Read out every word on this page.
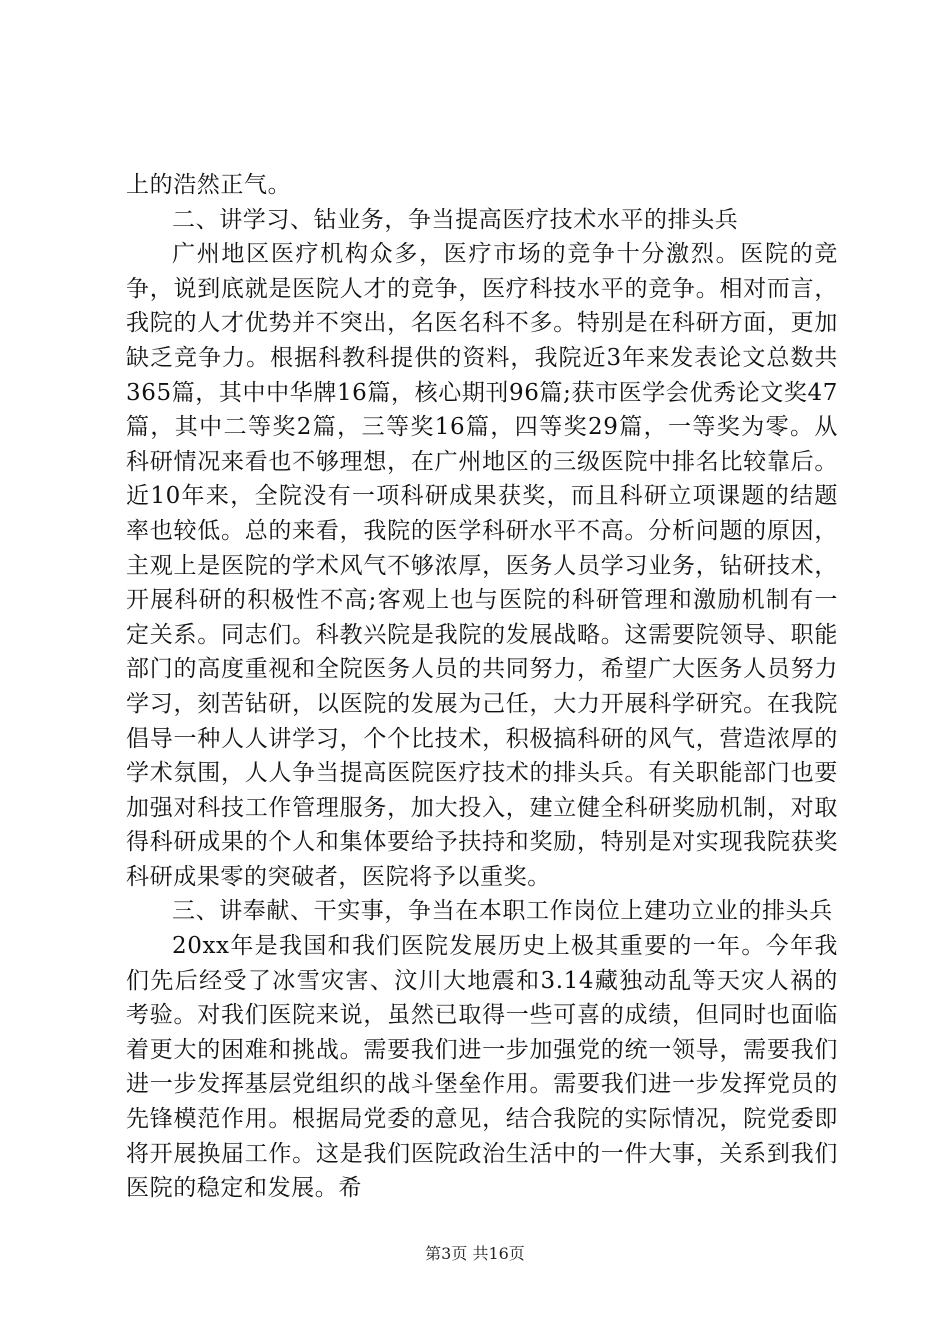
上的浩然正气。

二、讲学习、钻业务，争当提高医疗技术水平的排头兵

广州地区医疗机构众多，医疗市场的竞争十分激烈。医院的竞争，说到底就是医院人才的竞争，医疗科技水平的竞争。相对而言，我院的人才优势并不突出，名医名科不多。特别是在科研方面，更加缺乏竞争力。根据科教科提供的资料，我院近3年来发表论文总数共365篇，其中中华牌16篇，核心期刊96篇;获市医学会优秀论文奖47篇，其中二等奖2篇，三等奖16篇，四等奖29篇，一等奖为零。从科研情况来看也不够理想，在广州地区的三级医院中排名比较靠后。近10年来，全院没有一项科研成果获奖，而且科研立项课题的结题率也较低。总的来看，我院的医学科研水平不高。分析问题的原因，主观上是医院的学术风气不够浓厚，医务人员学习业务，钻研技术，开展科研的积极性不高;客观上也与医院的科研管理和激励机制有一定关系。同志们。科教兴院是我院的发展战略。这需要院领导、职能部门的高度重视和全院医务人员的共同努力，希望广大医务人员努力学习，刻苦钻研，以医院的发展为己任，大力开展科学研究。在我院倡导一种人人讲学习，个个比技术，积极搞科研的风气，营造浓厚的学术氛围，人人争当提高医院医疗技术的排头兵。有关职能部门也要加强对科技工作管理服务，加大投入，建立健全科研奖励机制，对取得科研成果的个人和集体要给予扶持和奖励，特别是对实现我院获奖科研成果零的突破者，医院将予以重奖。

三、讲奉献、干实事，争当在本职工作岗位上建功立业的排头兵

20xx年是我国和我们医院发展历史上极其重要的一年。今年我们先后经受了冰雪灾害、汶川大地震和3.14藏独动乱等天灾人祸的考验。对我们医院来说，虽然已取得一些可喜的成绩，但同时也面临着更大的困难和挑战。需要我们进一步加强党的统一领导，需要我们进一步发挥基层党组织的战斗堡垒作用。需要我们进一步发挥党员的先锋模范作用。根据局党委的意见，结合我院的实际情况，院党委即将开展换届工作。这是我们医院政治生活中的一件大事，关系到我们医院的稳定和发展。希

第3页 共16页
